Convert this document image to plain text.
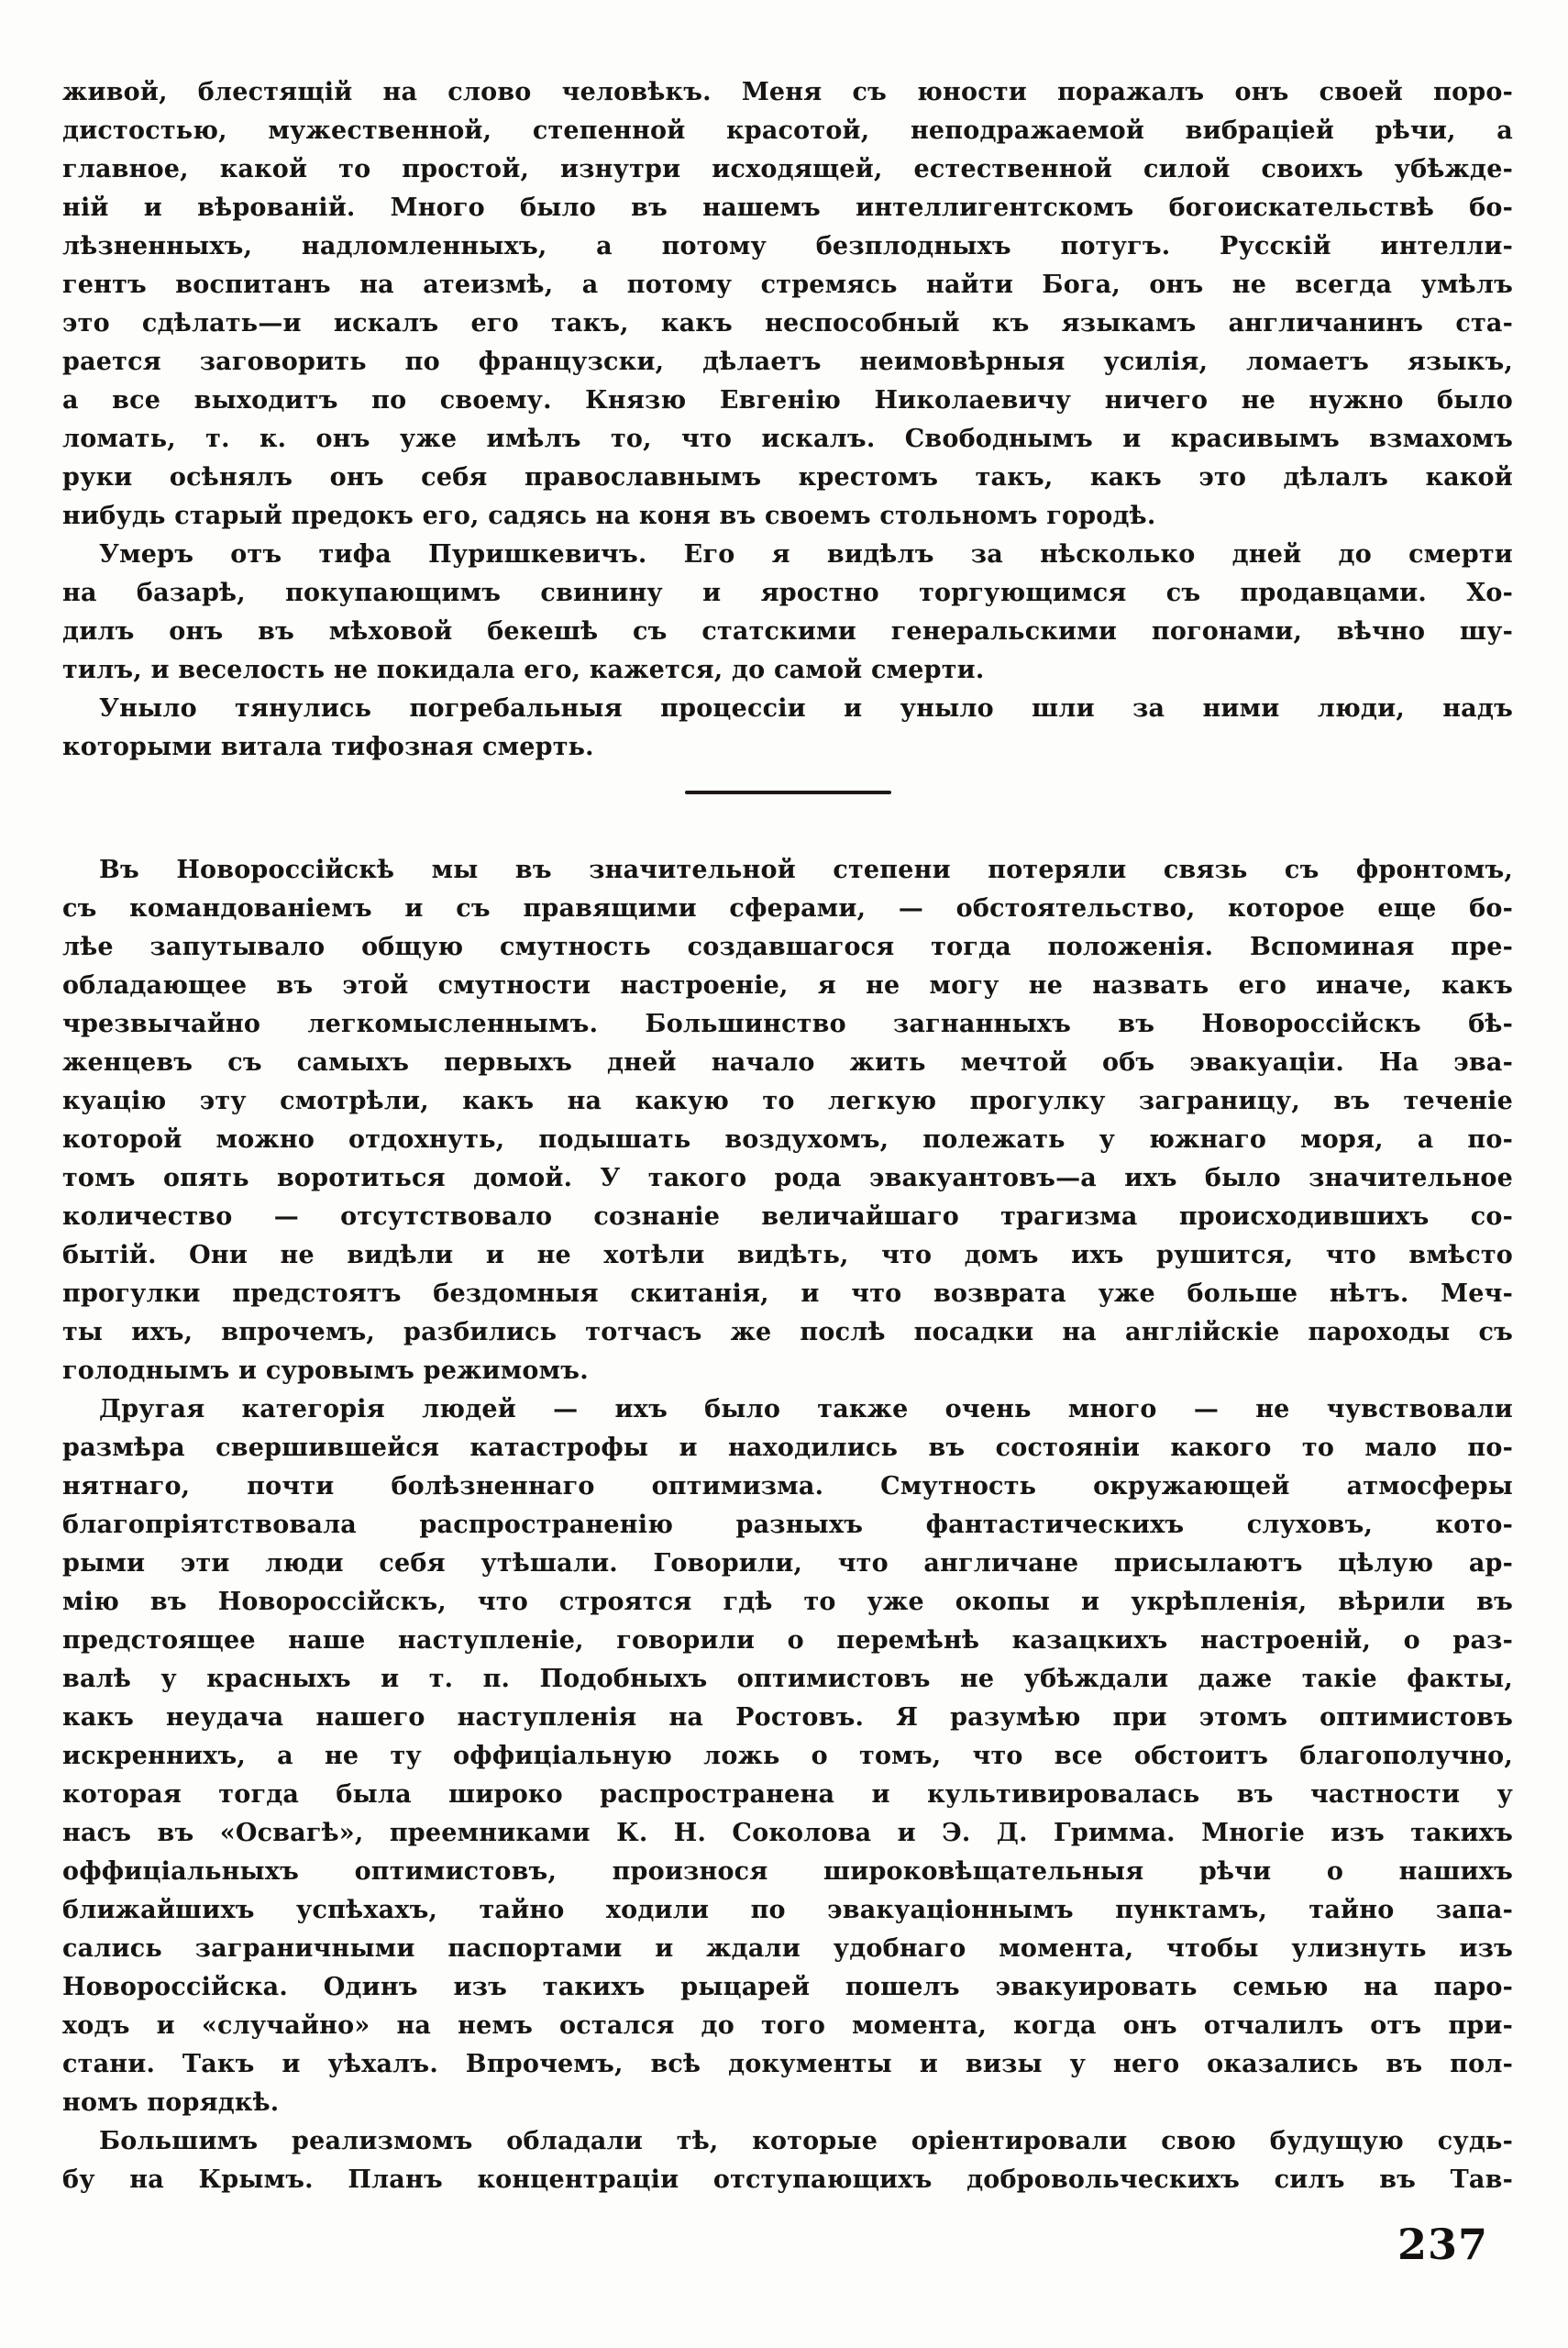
живой, блестящій на слово человѣкъ. Меня съ юности поражалъ онъ своей поро-
дистостью, мужественной, степенной красотой, неподражаемой вибраціей рѣчи, а
главное, какой то простой, изнутри исходящей, естественной силой своихъ убѣжде-
ній и вѣрованій. Много было въ нашемъ интеллигентскомъ богоискательствѣ бо-
лѣзненныхъ, надломленныхъ, а потому безплодныхъ потугъ. Русскій интелли-
гентъ воспитанъ на атеизмѣ, а потому стремясь найти Бога, онъ не всегда умѣлъ
это сдѣлать—и искалъ его такъ, какъ неспособный къ языкамъ англичанинъ ста-
рается заговорить по французски, дѣлаетъ неимовѣрныя усилія, ломаетъ языкъ,
а все выходитъ по своему. Князю Евгенію Николаевичу ничего не нужно было
ломать, т. к. онъ уже имѣлъ то, что искалъ. Свободнымъ и красивымъ взмахомъ
руки осѣнялъ онъ себя православнымъ крестомъ такъ, какъ это дѣлалъ какой
нибудь старый предокъ его, садясь на коня въ своемъ стольномъ городѣ.
Умеръ отъ тифа Пуришкевичъ. Его я видѣлъ за нѣсколько дней до смерти
на базарѣ, покупающимъ свинину и яростно торгующимся съ продавцами. Хо-
дилъ онъ въ мѣховой бекешѣ съ статскими генеральскими погонами, вѣчно шу-
тилъ, и веселость не покидала его, кажется, до самой смерти.
Уныло тянулись погребальныя процессіи и уныло шли за ними люди, надъ
которыми витала тифозная смерть.
Въ Новороссійскѣ мы въ значительной степени потеряли связь съ фронтомъ,
съ командованіемъ и съ правящими сферами, — обстоятельство, которое еще бо-
лѣе запутывало общую смутность создавшагося тогда положенія. Вспоминая пре-
обладающее въ этой смутности настроеніе, я не могу не назвать его иначе, какъ
чрезвычайно легкомысленнымъ. Большинство загнанныхъ въ Новороссійскъ бѣ-
женцевъ съ самыхъ первыхъ дней начало жить мечтой объ эвакуаціи. На эва-
куацію эту смотрѣли, какъ на какую то легкую прогулку заграницу, въ теченіе
которой можно отдохнуть, подышать воздухомъ, полежать у южнаго моря, а по-
томъ опять воротиться домой. У такого рода эвакуантовъ—а ихъ было значительное
количество — отсутствовало сознаніе величайшаго трагизма происходившихъ со-
бытій. Они не видѣли и не хотѣли видѣть, что домъ ихъ рушится, что вмѣсто
прогулки предстоятъ бездомныя скитанія, и что возврата уже больше нѣтъ. Меч-
ты ихъ, впрочемъ, разбились тотчасъ же послѣ посадки на англійскіе пароходы съ
голоднымъ и суровымъ режимомъ.
Другая категорія людей — ихъ было также очень много — не чувствовали
размѣра свершившейся катастрофы и находились въ состояніи какого то мало по-
нятнаго, почти болѣзненнаго оптимизма. Смутность окружающей атмосферы
благопріятствовала распространенію разныхъ фантастическихъ слуховъ, кото-
рыми эти люди себя утѣшали. Говорили, что англичане присылаютъ цѣлую ар-
мію въ Новороссійскъ, что строятся гдѣ то уже окопы и укрѣпленія, вѣрили въ
предстоящее наше наступленіе, говорили о перемѣнѣ казацкихъ настроеній, о раз-
валѣ у красныхъ и т. п. Подобныхъ оптимистовъ не убѣждали даже такіе факты,
какъ неудача нашего наступленія на Ростовъ. Я разумѣю при этомъ оптимистовъ
искреннихъ, а не ту оффиціальную ложь о томъ, что все обстоитъ благополучно,
которая тогда была широко распространена и культивировалась въ частности у
насъ въ «Освагѣ», преемниками К. Н. Соколова и Э. Д. Гримма. Многіе изъ такихъ
оффиціальныхъ оптимистовъ, произнося широковѣщательныя рѣчи о нашихъ
ближайшихъ успѣхахъ, тайно ходили по эвакуаціоннымъ пунктамъ, тайно запа-
сались заграничными паспортами и ждали удобнаго момента, чтобы улизнуть изъ
Новороссійска. Одинъ изъ такихъ рыцарей пошелъ эвакуировать семью на паро-
ходъ и «случайно» на немъ остался до того момента, когда онъ отчалилъ отъ при-
стани. Такъ и уѣхалъ. Впрочемъ, всѣ документы и визы у него оказались въ пол-
номъ порядкѣ.
Большимъ реализмомъ обладали тѣ, которые оріентировали свою будущую судь-
бу на Крымъ. Планъ концентраціи отступающихъ добровольческихъ силъ въ Тав-
237
